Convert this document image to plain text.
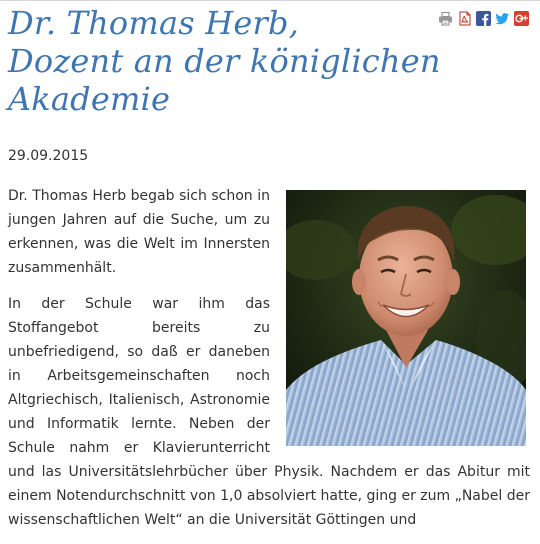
Dr. Thomas Herb,
Dozent an der königlichen
Akademie
29.09.2015

Dr. Thomas Herb begab sich schon in jungen Jahren auf die Suche, um zu erkennen, was die Welt im Innersten zusammenhält.

In der Schule war ihm das Stoffangebot bereits zu unbefriedigend, so daß er daneben in Arbeitsgemeinschaften noch Altgriechisch, Italienisch, Astronomie und Informatik lernte. Neben der Schule nahm er Klavierunterricht und las Universitätslehrbücher über Physik. Nachdem er das Abitur mit einem Notendurchschnitt von 1,0 absolviert hatte, ging er zum „Nabel der wissenschaftlichen Welt“ an die Universität Göttingen und
